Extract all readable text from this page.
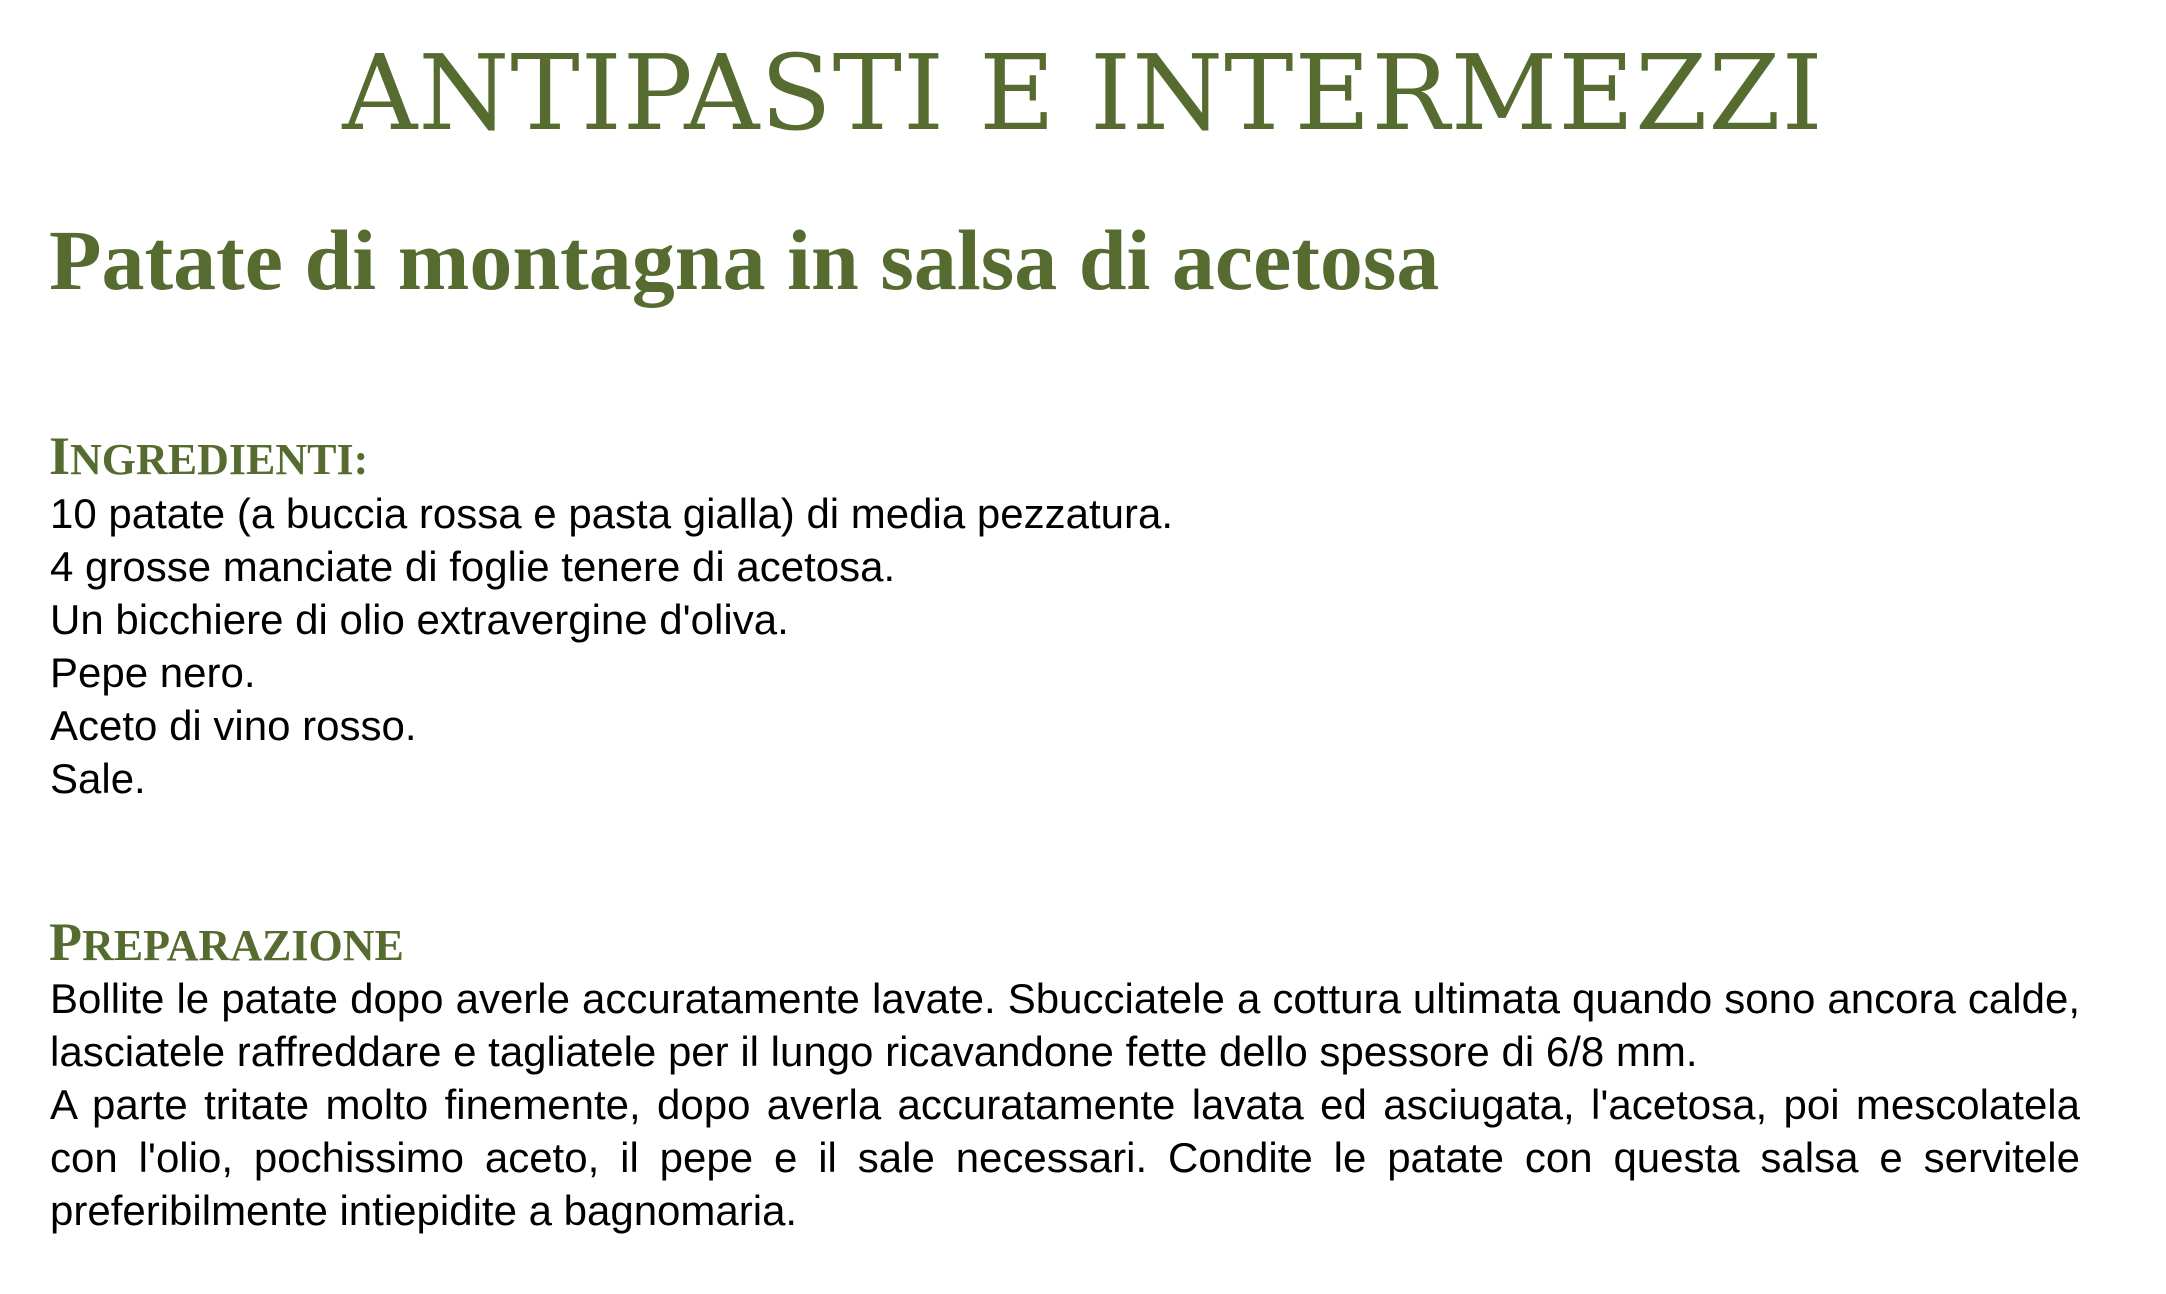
ANTIPASTI E INTERMEZZI
Patate di montagna in salsa di acetosa
INGREDIENTI:
10 patate (a buccia rossa e pasta gialla) di media pezzatura.
4 grosse manciate di foglie tenere di acetosa.
Un bicchiere di olio extravergine d'oliva.
Pepe nero.
Aceto di vino rosso.
Sale.
PREPARAZIONE

Bollite le patate dopo averle accuratamente lavate. Sbucciatele a cottura ultimata quando sono ancora calde, lasciatele raffreddare e tagliatele per il lungo ricavandone fette dello spessore di 6/8 mm.

A parte tritate molto finemente, dopo averla accuratamente lavata ed asciugata, l'acetosa, poi mescolatela con l'olio, pochissimo aceto, il pepe e il sale necessari. Condite le patate con questa salsa e servitele preferibilmente intiepidite a bagnomaria.
